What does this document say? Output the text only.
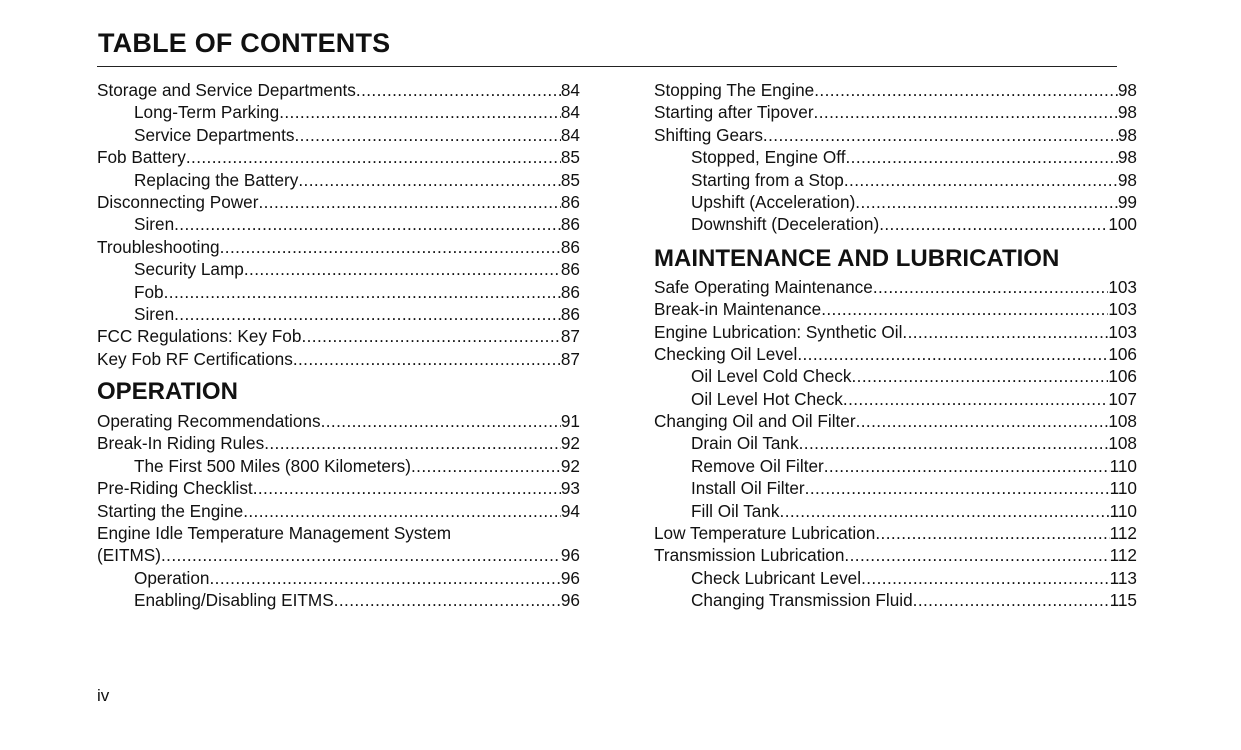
TABLE OF CONTENTS
Storage and Service Departments .....	84
Long-Term Parking .....	84
Service Departments .....	84
Fob Battery .....	85
Replacing the Battery .....	85
Disconnecting Power .....	86
Siren .....	86
Troubleshooting .....	86
Security Lamp .....	86
Fob .....	86
Siren .....	86
FCC Regulations: Key Fob .....	87
Key Fob RF Certifications .....	87
OPERATION
Operating Recommendations .....	91
Break-In Riding Rules .....	92
The First 500 Miles (800 Kilometers) .....	92
Pre-Riding Checklist .....	93
Starting the Engine .....	94
Engine Idle Temperature Management System
(EITMS) .....	96
Operation .....	96
Enabling/Disabling EITMS .....	96
Stopping The Engine .....	98
Starting after Tipover .....	98
Shifting Gears .....	98
Stopped, Engine Off .....	98
Starting from a Stop .....	98
Upshift (Acceleration) .....	99
Downshift (Deceleration) .....	100
MAINTENANCE AND LUBRICATION
Safe Operating Maintenance .....	103
Break-in Maintenance .....	103
Engine Lubrication: Synthetic Oil .....	103
Checking Oil Level .....	106
Oil Level Cold Check .....	106
Oil Level Hot Check .....	107
Changing Oil and Oil Filter .....	108
Drain Oil Tank .....	108
Remove Oil Filter .....	110
Install Oil Filter .....	110
Fill Oil Tank .....	110
Low Temperature Lubrication .....	112
Transmission Lubrication .....	112
Check Lubricant Level .....	113
Changing Transmission Fluid .....	115
iv
